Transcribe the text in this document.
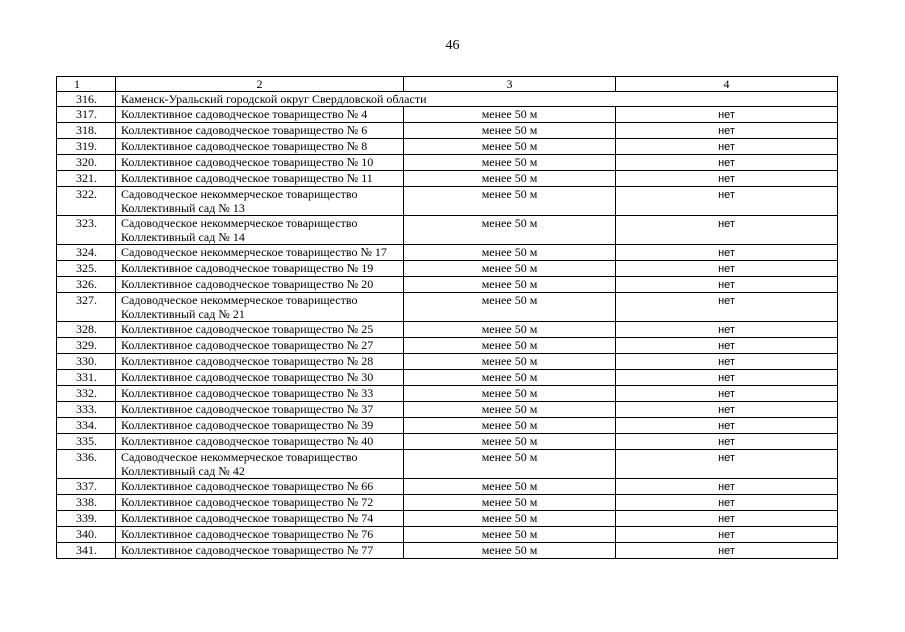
46
1	2	3	4
316.	Каменск-Уральский городской округ Свердловской области		
317.	Коллективное садоводческое товарищество № 4	менее 50 м	нет
318.	Коллективное садоводческое товарищество № 6	менее 50 м	нет
319.	Коллективное садоводческое товарищество № 8	менее 50 м	нет
320.	Коллективное садоводческое товарищество № 10	менее 50 м	нет
321.	Коллективное садоводческое товарищество № 11	менее 50 м	нет
322.	Садоводческое некоммерческое товарищество Коллективный сад № 13	менее 50 м	нет
323.	Садоводческое некоммерческое товарищество Коллективный сад № 14	менее 50 м	нет
324.	Садоводческое некоммерческое товарищество № 17	менее 50 м	нет
325.	Коллективное садоводческое товарищество № 19	менее 50 м	нет
326.	Коллективное садоводческое товарищество № 20	менее 50 м	нет
327.	Садоводческое некоммерческое товарищество Коллективный сад № 21	менее 50 м	нет
328.	Коллективное садоводческое товарищество № 25	менее 50 м	нет
329.	Коллективное садоводческое товарищество № 27	менее 50 м	нет
330.	Коллективное садоводческое товарищество № 28	менее 50 м	нет
331.	Коллективное садоводческое товарищество № 30	менее 50 м	нет
332.	Коллективное садоводческое товарищество № 33	менее 50 м	нет
333.	Коллективное садоводческое товарищество № 37	менее 50 м	нет
334.	Коллективное садоводческое товарищество № 39	менее 50 м	нет
335.	Коллективное садоводческое товарищество № 40	менее 50 м	нет
336.	Садоводческое некоммерческое товарищество Коллективный сад № 42	менее 50 м	нет
337.	Коллективное садоводческое товарищество № 66	менее 50 м	нет
338.	Коллективное садоводческое товарищество № 72	менее 50 м	нет
339.	Коллективное садоводческое товарищество № 74	менее 50 м	нет
340.	Коллективное садоводческое товарищество № 76	менее 50 м	нет
341.	Коллективное садоводческое товарищество № 77	менее 50 м	нет
